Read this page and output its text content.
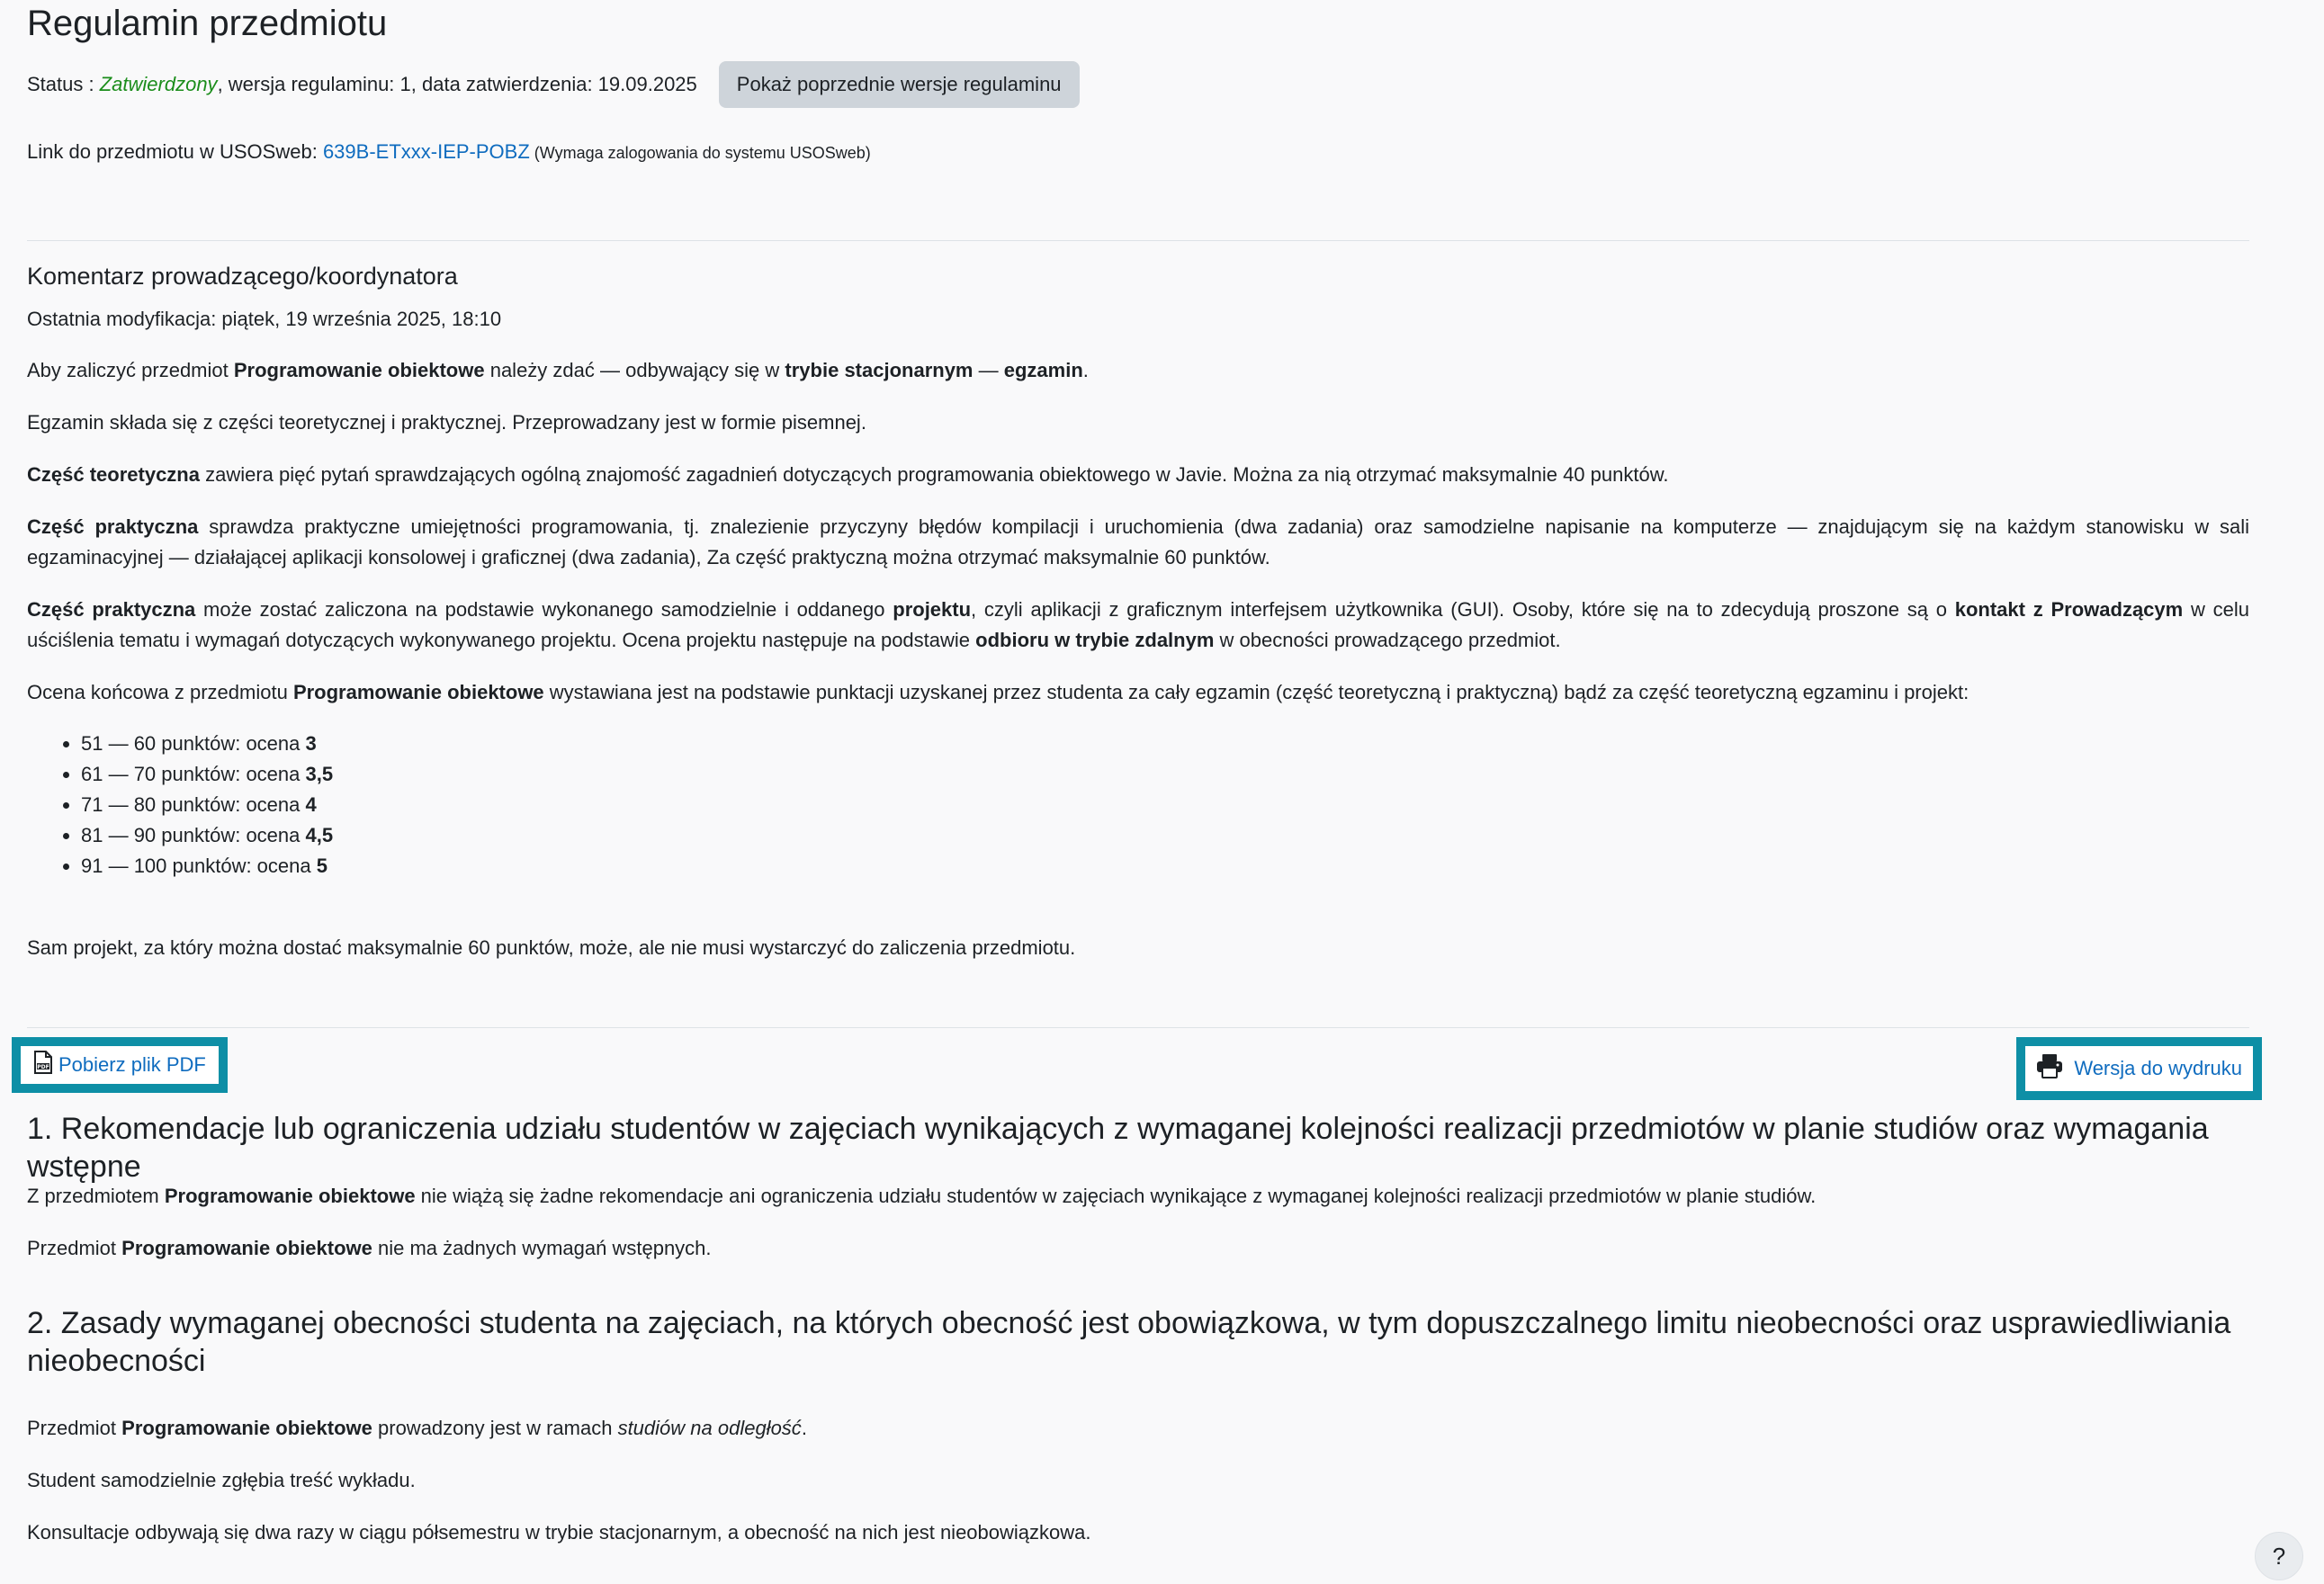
Regulamin przedmiotu
Status : Zatwierdzony, wersja regulaminu: 1, data zatwierdzenia: 19.09.2025	Pokaż poprzednie wersje regulaminu
Link do przedmiotu w USOSweb: 639B-ETxxx-IEP-POBZ (Wymaga zalogowania do systemu USOSweb)
Komentarz prowadzącego/koordynatora
Ostatnia modyfikacja: piątek, 19 września 2025, 18:10

Aby zaliczyć przedmiot Programowanie obiektowe należy zdać — odbywający się w trybie stacjonarnym — egzamin.

Egzamin składa się z części teoretycznej i praktycznej. Przeprowadzany jest w formie pisemnej.

Część teoretyczna zawiera pięć pytań sprawdzających ogólną znajomość zagadnień dotyczących programowania obiektowego w Javie. Można za nią otrzymać maksymalnie 40 punktów.

Część praktyczna sprawdza praktyczne umiejętności programowania, tj. znalezienie przyczyny błędów kompilacji i uruchomienia (dwa zadania) oraz samodzielne napisanie na komputerze — znajdującym się na każdym stanowisku w sali egzaminacyjnej — działającej aplikacji konsolowej i graficznej (dwa zadania), Za część praktyczną można otrzymać maksymalnie 60 punktów.

Część praktyczna może zostać zaliczona na podstawie wykonanego samodzielnie i oddanego projektu, czyli aplikacji z graficznym interfejsem użytkownika (GUI). Osoby, które się na to zdecydują proszone są o kontakt z Prowadzącym w celu uściślenia tematu i wymagań dotyczących wykonywanego projektu. Ocena projektu następuje na podstawie odbioru w trybie zdalnym w obecności prowadzącego przedmiot.

Ocena końcowa z przedmiotu Programowanie obiektowe wystawiana jest na podstawie punktacji uzyskanej przez studenta za cały egzamin (część teoretyczną i praktyczną) bądź za część teoretyczną egzaminu i projekt:

• 51 — 60 punktów: ocena 3
• 61 — 70 punktów: ocena 3,5
• 71 — 80 punktów: ocena 4
• 81 — 90 punktów: ocena 4,5
• 91 — 100 punktów: ocena 5

Sam projekt, za który można dostać maksymalnie 60 punktów, może, ale nie musi wystarczyć do zaliczenia przedmiotu.

PDF Pobierz plik PDF	Wersja do wydruku
1. Rekomendacje lub ograniczenia udziału studentów w zajęciach wynikających z wymaganej kolejności realizacji przedmiotów w planie studiów oraz wymagania wstępne

Z przedmiotem Programowanie obiektowe nie wiążą się żadne rekomendacje ani ograniczenia udziału studentów w zajęciach wynikające z wymaganej kolejności realizacji przedmiotów w planie studiów.

Przedmiot Programowanie obiektowe nie ma żadnych wymagań wstępnych.

2. Zasady wymaganej obecności studenta na zajęciach, na których obecność jest obowiązkowa, w tym dopuszczalnego limitu nieobecności oraz usprawiedliwiania nieobecności

Przedmiot Programowanie obiektowe prowadzony jest w ramach studiów na odległość.

Student samodzielnie zgłębia treść wykładu.

Konsultacje odbywają się dwa razy w ciągu półsemestru w trybie stacjonarnym, a obecność na nich jest nieobowiązkowa.

?
